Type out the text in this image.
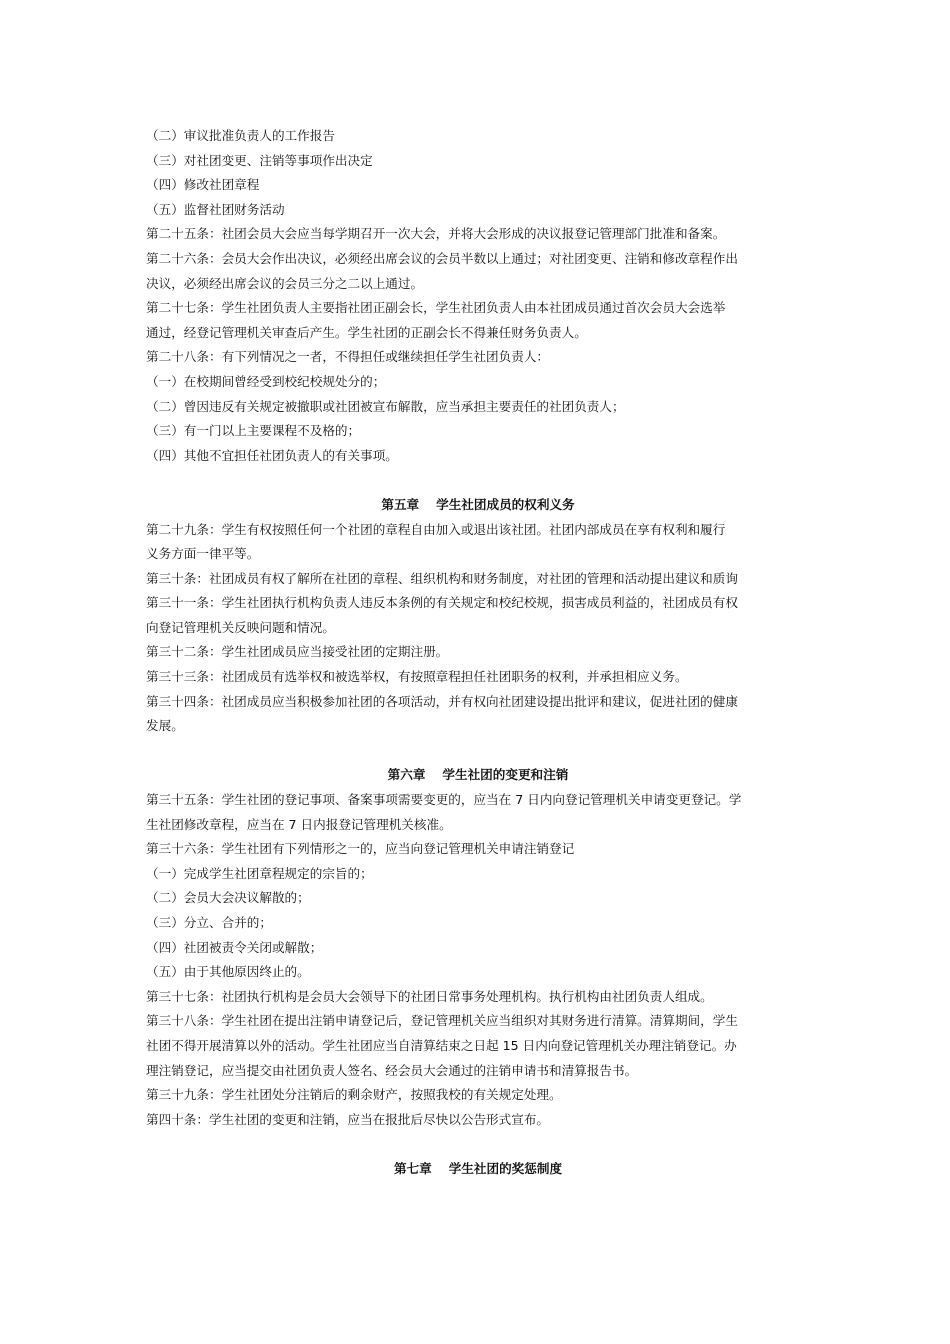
（二）审议批准负责人的工作报告
（三）对社团变更、注销等事项作出决定
（四）修改社团章程
（五）监督社团财务活动
第二十五条：社团会员大会应当每学期召开一次大会，并将大会形成的决议报登记管理部门批准和备案。
第二十六条：会员大会作出决议，必须经出席会议的会员半数以上通过；对社团变更、注销和修改章程作出
决议，必须经出席会议的会员三分之二以上通过。
第二十七条：学生社团负责人主要指社团正副会长，学生社团负责人由本社团成员通过首次会员大会选举
通过，经登记管理机关审查后产生。学生社团的正副会长不得兼任财务负责人。
第二十八条：有下列情况之一者，不得担任或继续担任学生社团负责人：
（一）在校期间曾经受到校纪校规处分的；
（二）曾因违反有关规定被撤职或社团被宣布解散，应当承担主要责任的社团负责人；
（三）有一门以上主要课程不及格的；
（四）其他不宜担任社团负责人的有关事项。
第五章　 学生社团成员的权利义务
第二十九条：学生有权按照任何一个社团的章程自由加入或退出该社团。社团内部成员在享有权利和履行
义务方面一律平等。
第三十条：社团成员有权了解所在社团的章程、组织机构和财务制度，对社团的管理和活动提出建议和质询
第三十一条：学生社团执行机构负责人违反本条例的有关规定和校纪校规，损害成员利益的，社团成员有权
向登记管理机关反映问题和情况。
第三十二条：学生社团成员应当接受社团的定期注册。
第三十三条：社团成员有选举权和被选举权，有按照章程担任社团职务的权利，并承担相应义务。
第三十四条：社团成员应当积极参加社团的各项活动，并有权向社团建设提出批评和建议，促进社团的健康
发展。
第六章　 学生社团的变更和注销
第三十五条：学生社团的登记事项、备案事项需要变更的，应当在 7 日内向登记管理机关申请变更登记。学
生社团修改章程，应当在 7 日内报登记管理机关核准。
第三十六条：学生社团有下列情形之一的，应当向登记管理机关申请注销登记
（一）完成学生社团章程规定的宗旨的；
（二）会员大会决议解散的；
（三）分立、合并的；
（四）社团被责令关闭或解散；
（五）由于其他原因终止的。
第三十七条：社团执行机构是会员大会领导下的社团日常事务处理机构。执行机构由社团负责人组成。
第三十八条：学生社团在提出注销申请登记后，登记管理机关应当组织对其财务进行清算。清算期间，学生
社团不得开展清算以外的活动。学生社团应当自清算结束之日起 15 日内向登记管理机关办理注销登记。办
理注销登记，应当提交由社团负责人签名、经会员大会通过的注销申请书和清算报告书。
第三十九条：学生社团处分注销后的剩余财产，按照我校的有关规定处理。
第四十条：学生社团的变更和注销，应当在报批后尽快以公告形式宣布。
第七章　 学生社团的奖惩制度
